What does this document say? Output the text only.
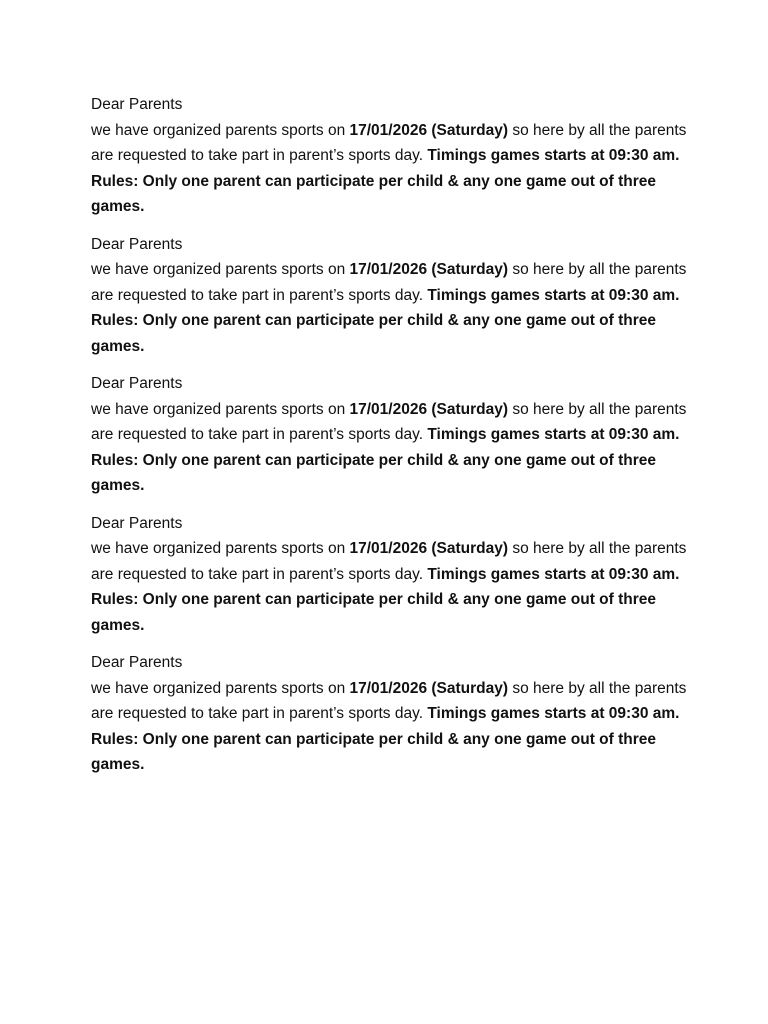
Dear Parents

we have organized parents sports on 17/01/2026 (Saturday) so here by all the parents are requested to take part in parent’s sports day. Timings games starts at 09:30 am.

Rules: Only one parent can participate per child & any one game out of three games.

Dear Parents

we have organized parents sports on 17/01/2026 (Saturday) so here by all the parents are requested to take part in parent’s sports day. Timings games starts at 09:30 am.

Rules: Only one parent can participate per child & any one game out of three games.

Dear Parents

we have organized parents sports on 17/01/2026 (Saturday) so here by all the parents are requested to take part in parent’s sports day. Timings games starts at 09:30 am.

Rules: Only one parent can participate per child & any one game out of three games.

Dear Parents

we have organized parents sports on 17/01/2026 (Saturday) so here by all the parents are requested to take part in parent’s sports day. Timings games starts at 09:30 am.

Rules: Only one parent can participate per child & any one game out of three games.

Dear Parents

we have organized parents sports on 17/01/2026 (Saturday) so here by all the parents are requested to take part in parent’s sports day. Timings games starts at 09:30 am.

Rules: Only one parent can participate per child & any one game out of three games.
